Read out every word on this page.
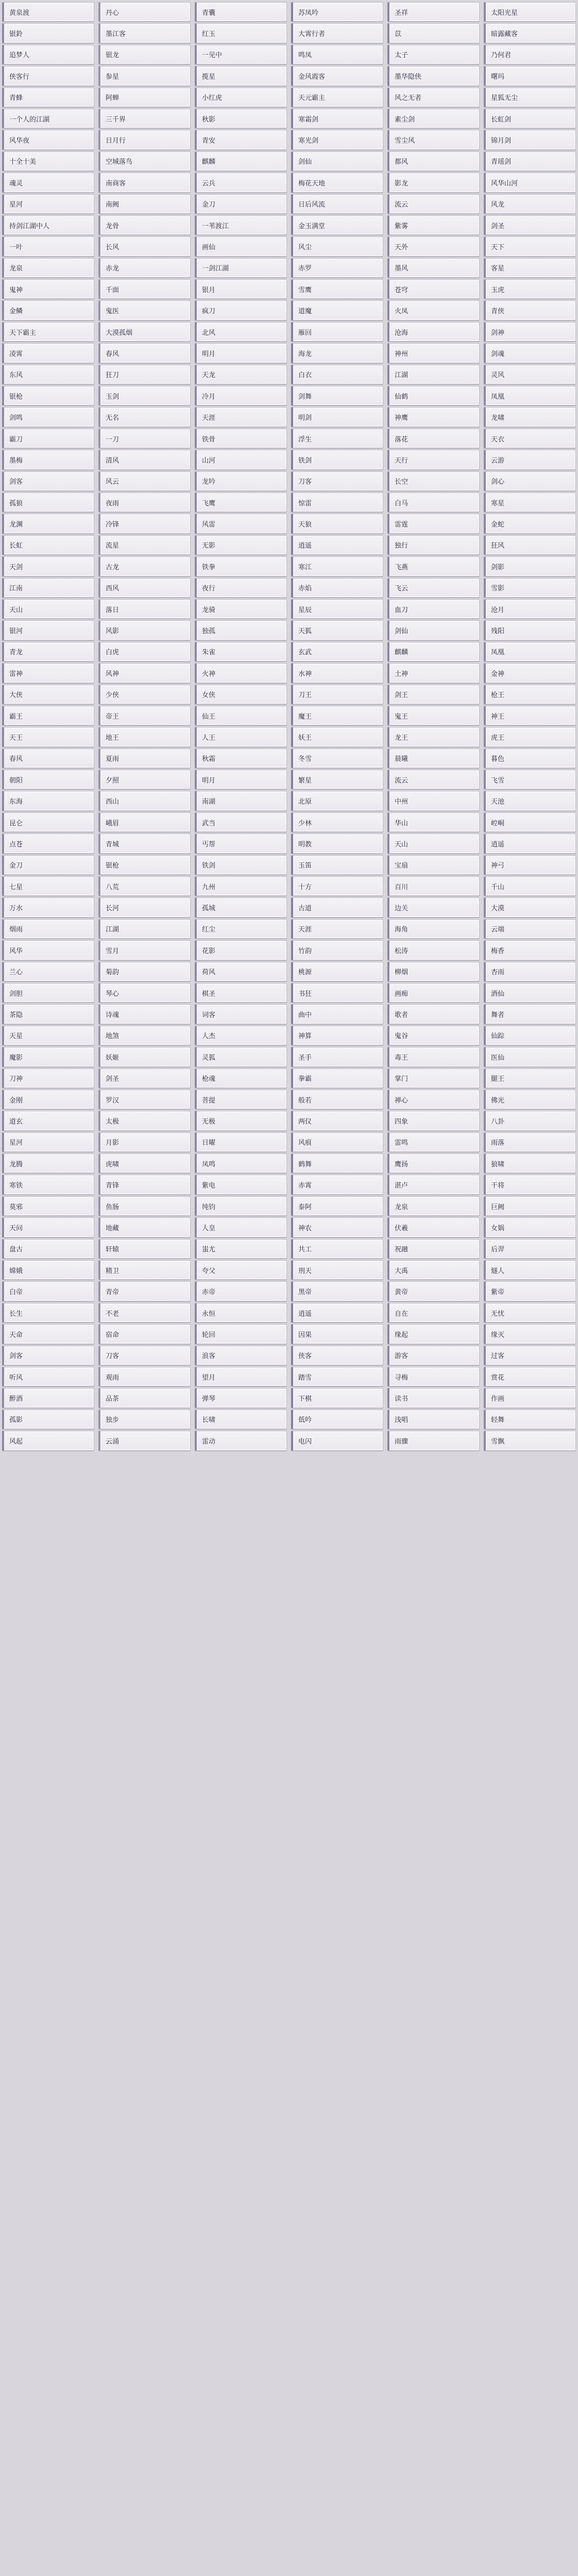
黄泉渡	丹心	青囊	苏凤吟	圣祥	太阳光星
银鈴	墨江客	红玉	大霄行者	苡	暗露藏客
追梦人	银龙	一见中	鸣凤	太子	乃何君
侠客行	参星	揽星	金风霞客	墨华隐侠	曙玛
青蜂	阿蝉	小红虎	天元霸主	风之无者	星狐无尘
一个人的江湖	三千界	秋影	寒霜剑	素尘剑	长虹剑
风华夜	日月行	青安	寒光剑	雪尘风	锦月剑
十全十美	空城落鸟	麒麟	剑仙	都风	青瑶剑
魂灵	南商客	云兵	梅花天地	影龙	风华山河
星河	南阙	金刀	日后风流	流云	风龙
持剑江湖中人	龙骨	一苇渡江	金玉满堂	紫雾	剑圣
一叶	长风	画仙	风尘	天外	天下
龙泉	赤龙	一剑江湖	赤罗	墨风	客星
鬼神	千面	银月	雪鹰	苍穹	玉虎
金鳞	鬼医	疯刀	道魔	火凤	青侠
天下霸主	大漠孤烟	北风	雁回	沧海	剑神
凌霄	春风	明月	海龙	神州	剑魂
东风	狂刀	天龙	白衣	江湖	灵风
银枪	玉剑	冷月	剑舞	仙鹤	凤凰
剑鸣	无名	天涯	明剑	神鹰	龙啸
霸刀	一刀	铁骨	浮生	落花	天衣
墨梅	清风	山河	铁剑	天行	云游
剑客	风云	龙吟	刀客	长空	剑心
孤狼	夜雨	飞鹰	惊雷	白马	寒星
龙渊	冷锋	风雷	天狼	雷霆	金蛇
长虹	流星	无影	逍遥	独行	狂风
天剑	古龙	铁拳	寒江	飞燕	剑影
江南	西风	夜行	赤焰	飞云	雪影
天山	落日	龙骑	星辰	血刀	沧月
银河	风影	独孤	天狐	剑仙	残阳
青龙	白虎	朱雀	玄武	麒麟	凤凰
雷神	风神	火神	水神	土神	金神
大侠	少侠	女侠	刀王	剑王	枪王
霸王	帝王	仙王	魔王	鬼王	神王
天王	地王	人王	妖王	龙王	虎王
春风	夏雨	秋霜	冬雪	晨曦	暮色
朝阳	夕照	明月	繁星	流云	飞雪
东海	西山	南湖	北原	中州	天池
昆仑	峨眉	武当	少林	华山	崆峒
点苍	青城	丐帮	明教	天山	逍遥
金刀	银枪	铁剑	玉笛	宝扇	神弓
七星	八荒	九州	十方	百川	千山
万水	长河	孤城	古道	边关	大漠
烟雨	江湖	红尘	天涯	海角	云端
风华	雪月	花影	竹韵	松涛	梅香
兰心	菊韵	荷风	桃源	柳烟	杏雨
剑胆	琴心	棋圣	书狂	画痴	酒仙
茶隐	诗魂	词客	曲中	歌者	舞者
天星	地煞	人杰	神算	鬼谷	仙踪
魔影	妖姬	灵狐	圣手	毒王	医仙
刀神	剑圣	枪魂	拳霸	掌门	腿王
金刚	罗汉	菩提	般若	禅心	佛光
道玄	太极	无极	两仪	四象	八卦
星河	月影	日曜	风痕	雷鸣	雨落
龙腾	虎啸	凤鸣	鹤舞	鹰扬	狼啸
寒铁	青锋	紫电	赤霄	湛卢	干将
莫邪	鱼肠	纯钧	泰阿	龙泉	巨阙
天问	地藏	人皇	神农	伏羲	女娲
盘古	轩辕	蚩尤	共工	祝融	后羿
嫦娥	精卫	夸父	刑天	大禹	燧人
白帝	青帝	赤帝	黑帝	黄帝	紫帝
长生	不老	永恒	逍遥	自在	无忧
天命	宿命	轮回	因果	缘起	缘灭
剑客	刀客	浪客	侠客	游客	过客
听风	观雨	望月	踏雪	寻梅	赏花
醉酒	品茶	弹琴	下棋	读书	作画
孤影	独步	长啸	低吟	浅唱	轻舞
风起	云涌	雷动	电闪	雨骤	雪飘
